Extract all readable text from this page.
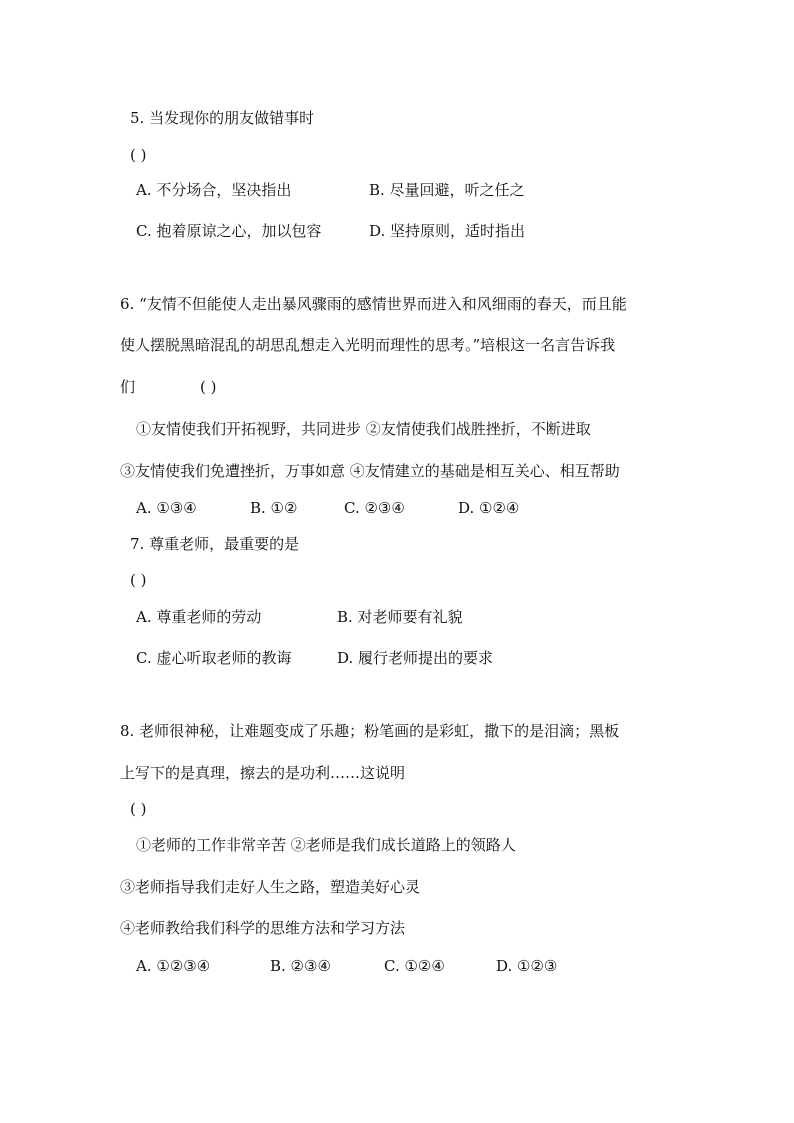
5. 当发现你的朋友做错事时
( )
A. 不分场合，坚决指出	B. 尽量回避，听之任之
C. 抱着原谅之心，加以包容	D. 坚持原则，适时指出
6. “友情不但能使人走出暴风骤雨的感情世界而进入和风细雨的春天，而且能
使人摆脱黑暗混乱的胡思乱想走入光明而理性的思考。”培根这一名言告诉我
们	( )
①友情使我们开拓视野，共同进步 ②友情使我们战胜挫折，不断进取
③友情使我们免遭挫折，万事如意 ④友情建立的基础是相互关心、相互帮助
A. ①③④	B. ①②	C. ②③④	D. ①②④
7. 尊重老师，最重要的是
( )
A. 尊重老师的劳动	B. 对老师要有礼貌
C. 虚心听取老师的教诲	D. 履行老师提出的要求
8. 老师很神秘，让难题变成了乐趣；粉笔画的是彩虹，撒下的是泪滴；黑板
上写下的是真理，擦去的是功利……这说明
( )
①老师的工作非常辛苦 ②老师是我们成长道路上的领路人
③老师指导我们走好人生之路，塑造美好心灵
④老师教给我们科学的思维方法和学习方法
A. ①②③④	B. ②③④	C. ①②④	D. ①②③
